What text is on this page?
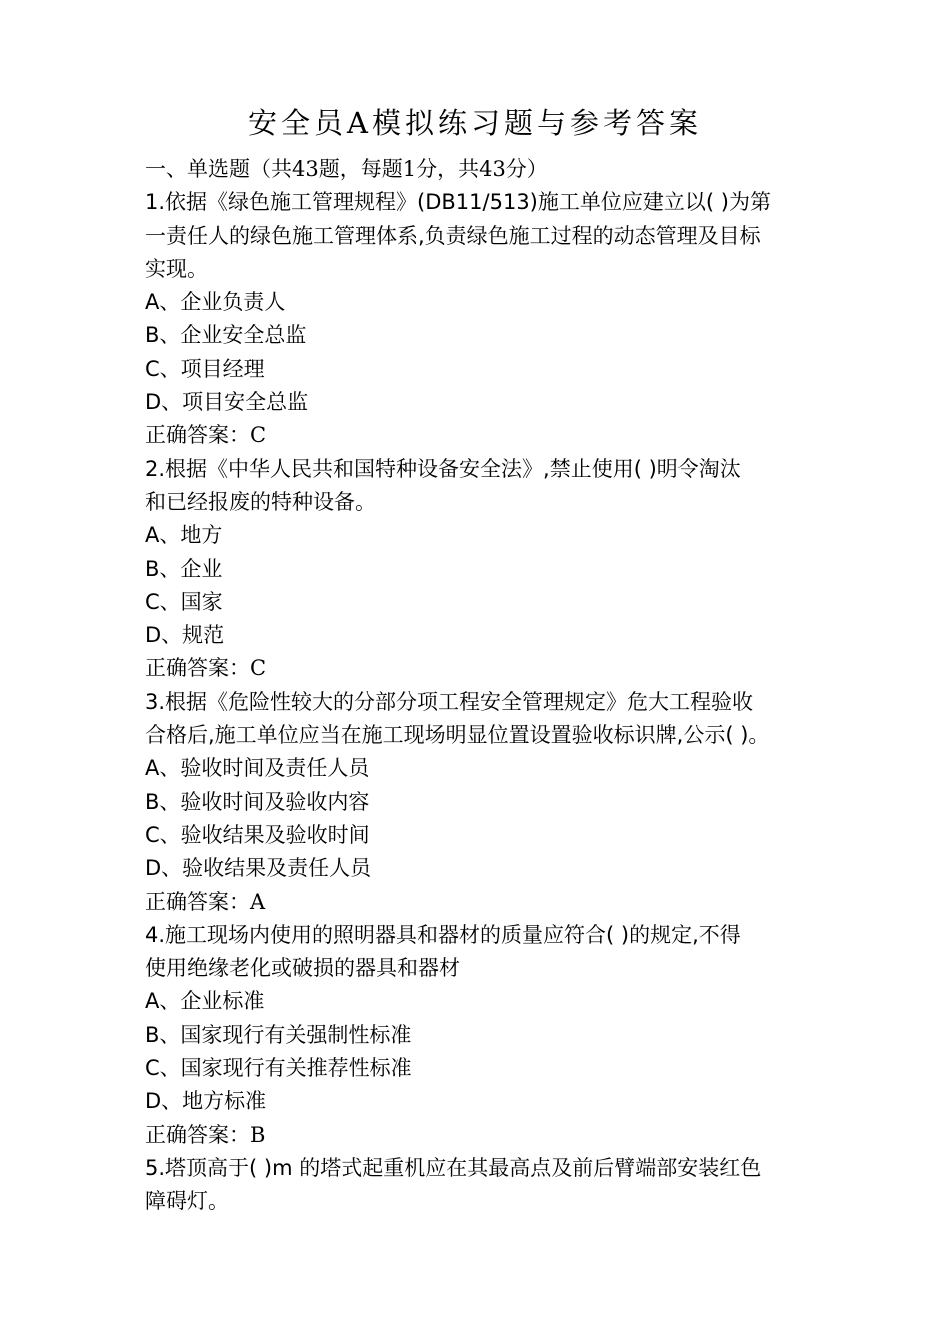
安全员A模拟练习题与参考答案
一、单选题（共43题，每题1分，共43分）
1.依据《绿色施工管理规程》(DB11/513)施工单位应建立以( )为第
一责任人的绿色施工管理体系,负责绿色施工过程的动态管理及目标
实现。
A、企业负责人
B、企业安全总监
C、项目经理
D、项目安全总监
正确答案：C
2.根据《中华人民共和国特种设备安全法》,禁止使用( )明令淘汰
和已经报废的特种设备。
A、地方
B、企业
C、国家
D、规范
正确答案：C
3.根据《危险性较大的分部分项工程安全管理规定》危大工程验收
合格后,施工单位应当在施工现场明显位置设置验收标识牌,公示( )。
A、验收时间及责任人员
B、验收时间及验收内容
C、验收结果及验收时间
D、验收结果及责任人员
正确答案：A
4.施工现场内使用的照明器具和器材的质量应符合( )的规定,不得
使用绝缘老化或破损的器具和器材
A、企业标准
B、国家现行有关强制性标准
C、国家现行有关推荐性标准
D、地方标准
正确答案：B
5.塔顶高于( )m 的塔式起重机应在其最高点及前后臂端部安装红色
障碍灯。
